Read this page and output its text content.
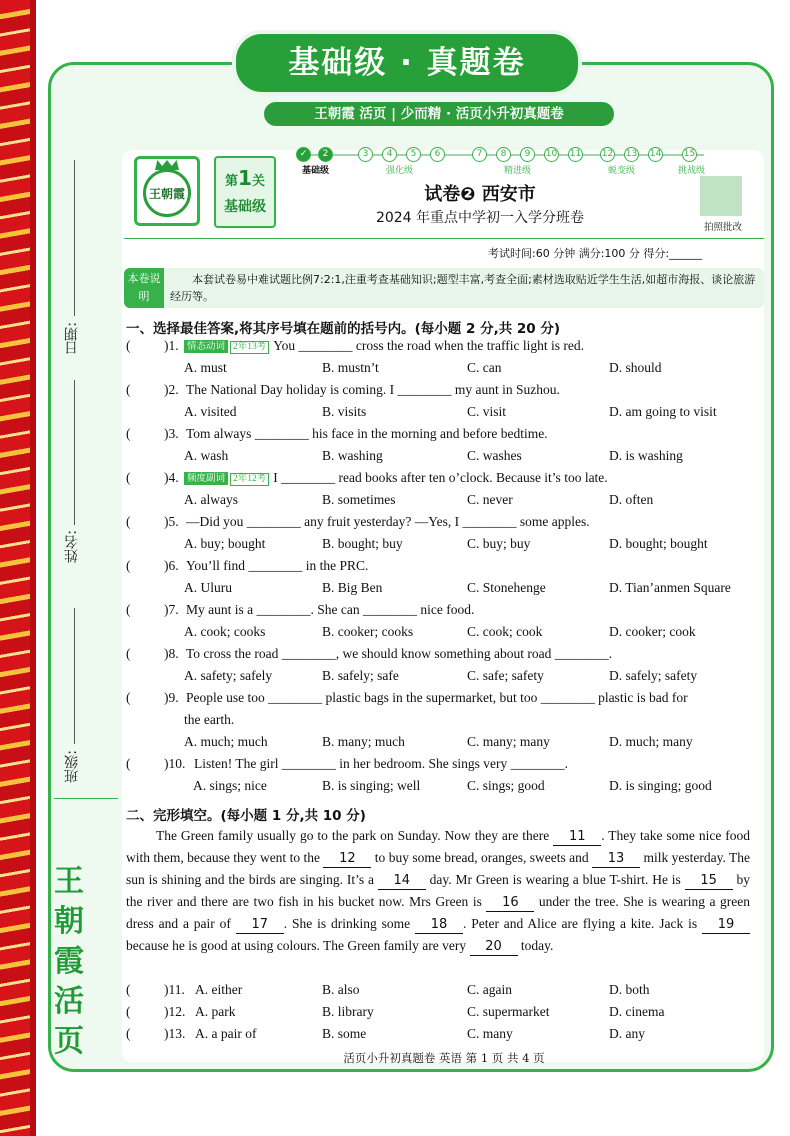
基础级 · 真题卷
王朝霞 活页 | 少而精 · 活页小升初真题卷
日期:
姓名:
班级:
王
朝
霞
活
页
王朝霞
第1关
基础级
✓	2	3	4	5	6	7	8	9	10 11 12 13 14	15
基础级	强化级	精进级	蜕变级	挑战级
试卷❷ 西安市
2024 年重点中学初一入学分班卷
拍照批改
考试时间:60 分钟 满分:100 分 得分:______
本卷说明
本套试卷易中难试题比例7:2:1,注重考查基础知识;题型丰富,考查全面;素材选取贴近学生生活,如超市海报、谈论旅游经历等。
一、选择最佳答案,将其序号填在题前的括号内。(每小题 2 分,共 20 分)
( )1. 情态动词 2年13考 You ________ cross the road when the traffic light is red.
A. must	B. mustn’t	C. can	D. should
( )2. The National Day holiday is coming. I ________ my aunt in Suzhou.
A. visited	B. visits	C. visit	D. am going to visit
( )3. Tom always ________ his face in the morning and before bedtime.
A. wash	B. washing	C. washes	D. is washing
( )4. 频度副词 2年12考 I ________ read books after ten o’clock. Because it’s too late.
A. always	B. sometimes	C. never	D. often
( )5. —Did you ________ any fruit yesterday? —Yes, I ________ some apples.
A. buy; bought	B. bought; buy	C. buy; buy	D. bought; bought
( )6. You’ll find ________ in the PRC.
A. Uluru	B. Big Ben	C. Stonehenge	D. Tian’anmen Square
( )7. My aunt is a ________. She can ________ nice food.
A. cook; cooks	B. cooker; cooks	C. cook; cook	D. cooker; cook
( )8. To cross the road ________, we should know something about road ________.
A. safety; safely	B. safely; safe	C. safe; safety	D. safely; safety
( )9. People use too ________ plastic bags in the supermarket, but too ________ plastic is bad for
the earth.
A. much; much	B. many; much	C. many; many	D. much; many
( )10. Listen! The girl ________ in her bedroom. She sings very ________.
A. sings; nice	B. is singing; well	C. sings; good	D. is singing; good
二、完形填空。(每小题 1 分,共 10 分)
The Green family usually go to the park on Sunday. Now they are there 11 . They take some nice food with them, because they went to the 12 to buy some bread, oranges, sweets and 13 milk yesterday. The sun is shining and the birds are singing. It’s a 14 day. Mr Green is wearing a blue T-shirt. He is 15 by the river and there are two fish in his bucket now. Mrs Green is 16 under the tree. She is wearing a green dress and a pair of 17 . She is drinking some 18 . Peter and Alice are flying a kite. Jack is 19 because he is good at using colours. The Green family are very 20 today.
( )11. A. either	B. also	C. again	D. both
( )12. A. park	B. library	C. supermarket	D. cinema
( )13. A. a pair of	B. some	C. many	D. any
活页小升初真题卷 英语 第 1 页 共 4 页
